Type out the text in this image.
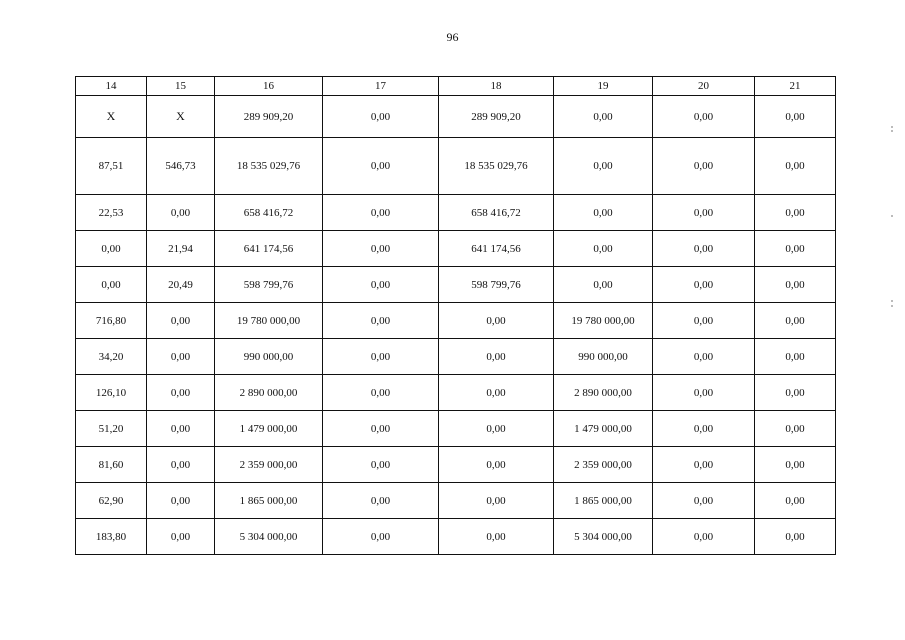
96
14	15	16	17	18	19	20	21
X	X	289 909,20	0,00	289 909,20	0,00	0,00	0,00
87,51	546,73	18 535 029,76	0,00	18 535 029,76	0,00	0,00	0,00
22,53	0,00	658 416,72	0,00	658 416,72	0,00	0,00	0,00
0,00	21,94	641 174,56	0,00	641 174,56	0,00	0,00	0,00
0,00	20,49	598 799,76	0,00	598 799,76	0,00	0,00	0,00
716,80	0,00	19 780 000,00	0,00	0,00	19 780 000,00	0,00	0,00
34,20	0,00	990 000,00	0,00	0,00	990 000,00	0,00	0,00
126,10	0,00	2 890 000,00	0,00	0,00	2 890 000,00	0,00	0,00
51,20	0,00	1 479 000,00	0,00	0,00	1 479 000,00	0,00	0,00
81,60	0,00	2 359 000,00	0,00	0,00	2 359 000,00	0,00	0,00
62,90	0,00	1 865 000,00	0,00	0,00	1 865 000,00	0,00	0,00
183,80	0,00	5 304 000,00	0,00	0,00	5 304 000,00	0,00	0,00
